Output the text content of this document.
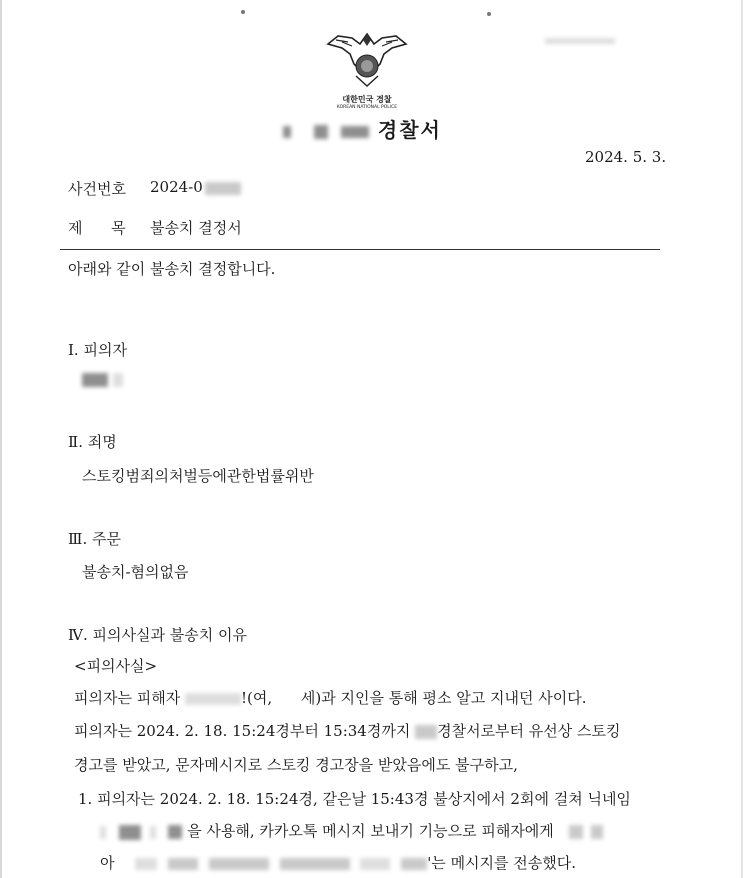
대한민국 경찰
KOREAN NATIONAL POLICE
경찰서
2024. 5. 3.
사건번호 2024-0
제      목 불송치 결정서
아래와 같이 불송치 결정합니다.
Ⅰ. 피의자

Ⅱ. 죄명
스토킹범죄의처벌등에관한법률위반
Ⅲ. 주문
불송치-혐의없음
Ⅳ. 피의사실과 불송치 이유
<피의사실>
피의자는 피해자	!(여, 세)과 지인을 통해 평소 알고 지내던 사이다.
피의자는 2024. 2. 18. 15:24경부터 15:34경까지 경찰서로부터 유선상 스토킹
경고를 받았고, 문자메시지로 스토킹 경고장을 받았음에도 불구하고,
1. 피의자는 2024. 2. 18. 15:24경, 같은날 15:43경 불상지에서 2회에 걸쳐 닉네임
을 사용해, 카카오톡 메시지 보내기 기능으로 피해자에게
아	'는 메시지를 전송했다.
